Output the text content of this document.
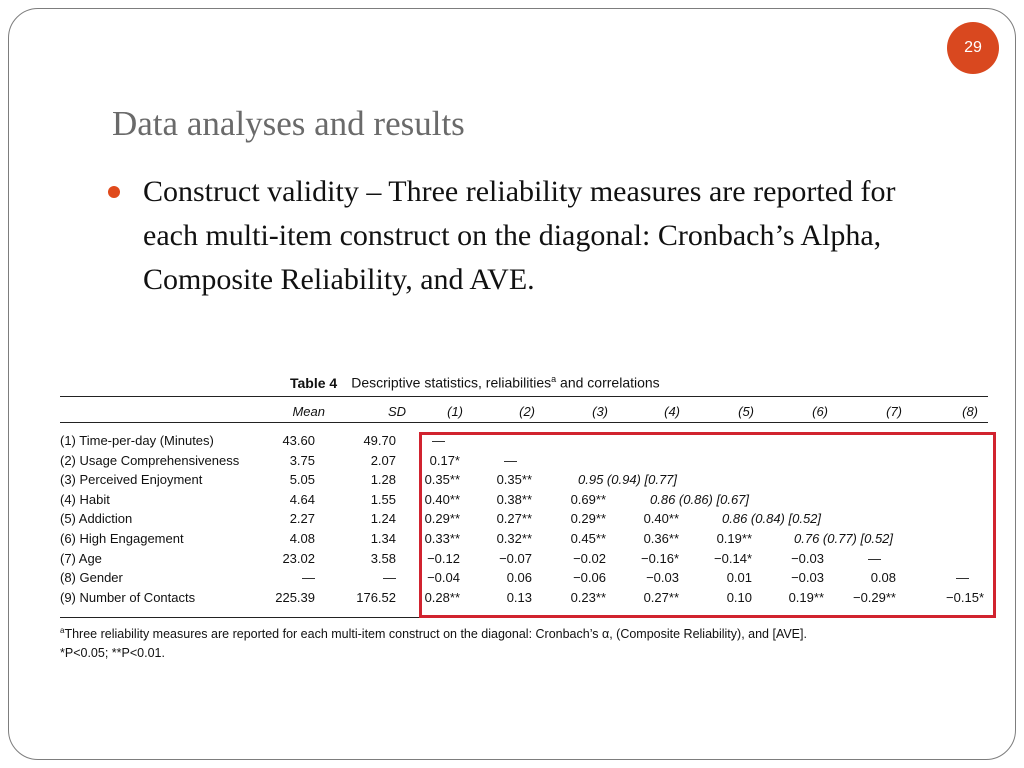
29
Data analyses and results
Construct validity – Three reliability measures are reported for each multi-item construct on the diagonal: Cronbach’s Alpha, Composite Reliability, and AVE.
Table 4 Descriptive statistics, reliabilities$^a$ and correlations
Mean	SD	(1)	(2)	(3)	(4)	(5)	(6)	(7)	(8)
(1) Time-per-day (Minutes)	43.60	49.70	—
(2) Usage Comprehensiveness	3.75	2.07	0.17*	—
(3) Perceived Enjoyment	5.05	1.28 0.35**	0.35**	0.95 (0.94) [0.77]
(4) Habit	4.64	1.55 0.40**	0.38**	0.69**	0.86 (0.86) [0.67]
(5) Addiction	2.27	1.24 0.29**	0.27**	0.29**	0.40**	0.86 (0.84) [0.52]
(6) High Engagement	4.08	1.34 0.33**	0.32**	0.45**	0.36**	0.19**	0.76 (0.77) [0.52]
(7) Age	23.02	3.58 −0.12	−0.07	−0.02	−0.16*	−0.14*	−0.03	—
(8) Gender	—	— −0.04	0.06	−0.06	−0.03	0.01	−0.03	0.08	—
(9) Number of Contacts	225.39	176.52 0.28**	0.13	0.23**	0.27**	0.10	0.19** −0.29**	−0.15*
$^a$Three reliability measures are reported for each multi-item construct on the diagonal: Cronbach’s α, (Composite Reliability), and [AVE].
*P<0.05; **P<0.01.
